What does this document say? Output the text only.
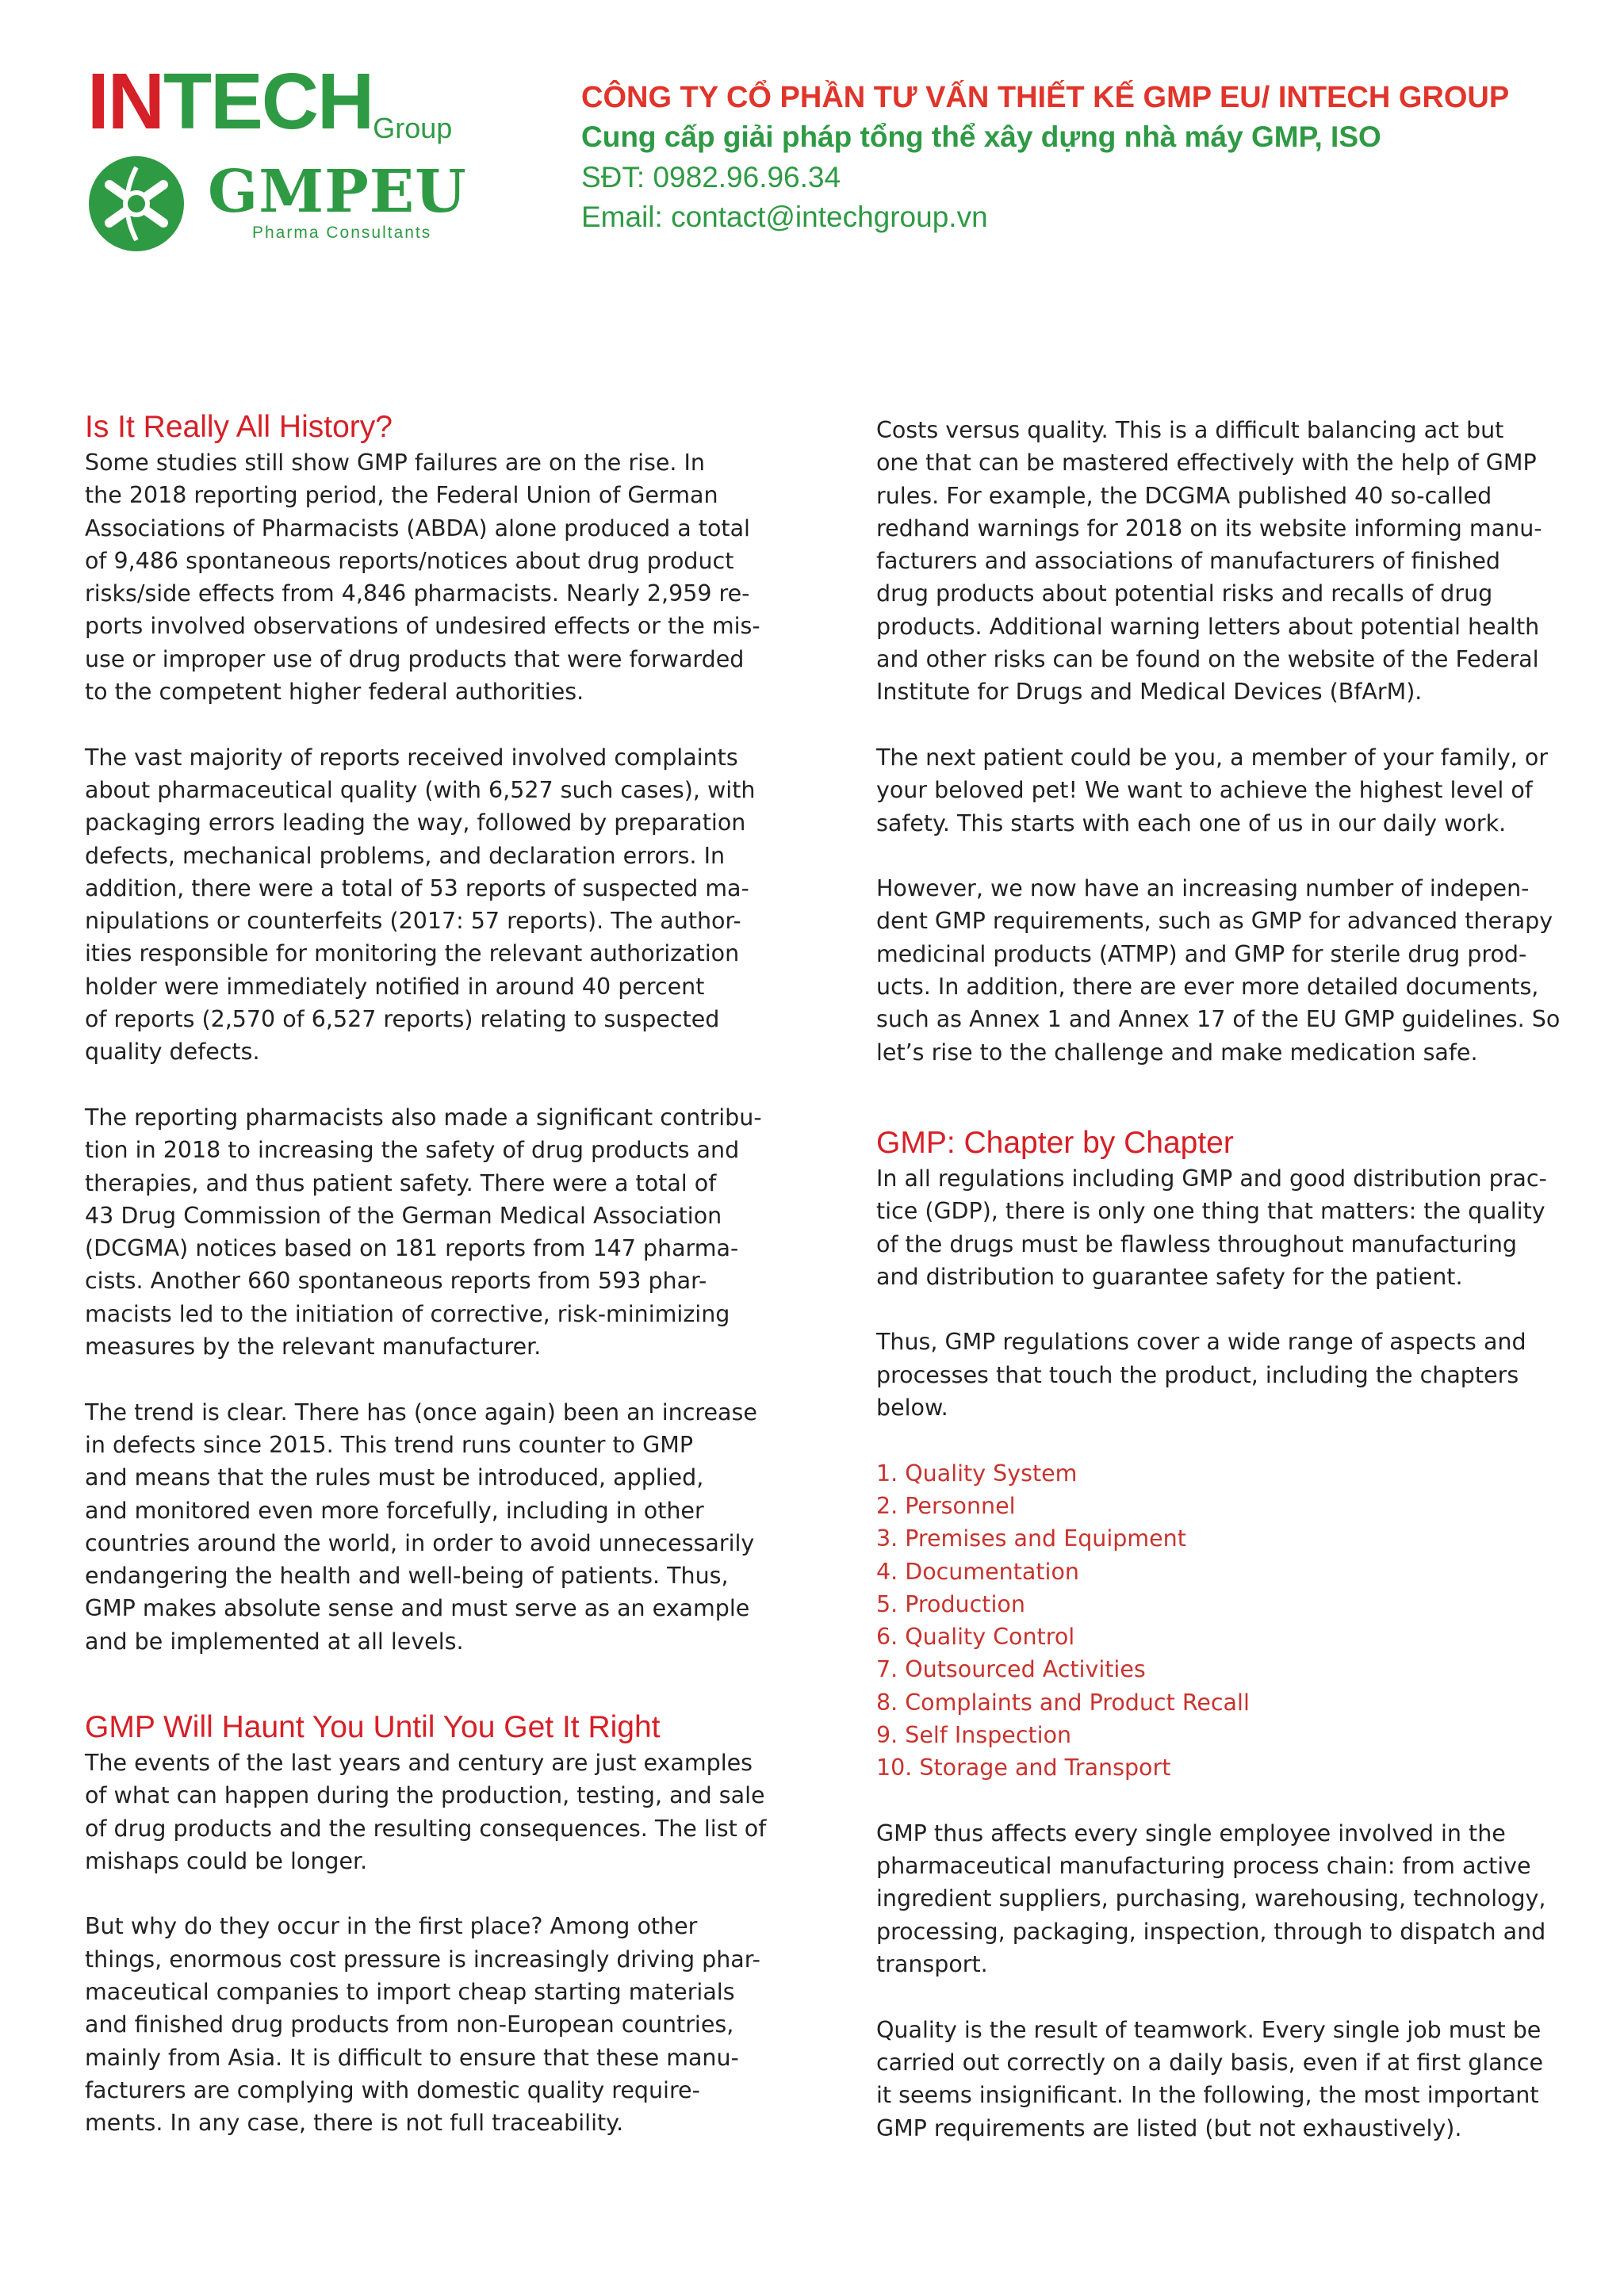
INTECHGroup
GMPEU
Pharma Consultants
CÔNG TY CỔ PHẦN TƯ VẤN THIẾT KẾ GMP EU/ INTECH GROUP
Cung cấp giải pháp tổng thể xây dựng nhà máy GMP, ISO
SĐT: 0982.96.96.34
Email: contact@intechgroup.vn
Is It Really All History?

Some studies still show GMP failures are on the rise. In

the 2018 reporting period, the Federal Union of German

Associations of Pharmacists (ABDA) alone produced a total

of 9,486 spontaneous reports/notices about drug product

risks/side effects from 4,846 pharmacists. Nearly 2,959 re-

ports involved observations of undesired effects or the mis-

use or improper use of drug products that were forwarded

to the competent higher federal authorities.

The vast majority of reports received involved complaints

about pharmaceutical quality (with 6,527 such cases), with

packaging errors leading the way, followed by preparation

defects, mechanical problems, and declaration errors. In

addition, there were a total of 53 reports of suspected ma-

nipulations or counterfeits (2017: 57 reports). The author-

ities responsible for monitoring the relevant authorization

holder were immediately notified in around 40 percent

of reports (2,570 of 6,527 reports) relating to suspected

quality defects.

The reporting pharmacists also made a significant contribu-

tion in 2018 to increasing the safety of drug products and

therapies, and thus patient safety. There were a total of

43 Drug Commission of the German Medical Association

(DCGMA) notices based on 181 reports from 147 pharma-

cists. Another 660 spontaneous reports from 593 phar-

macists led to the initiation of corrective, risk-minimizing

measures by the relevant manufacturer.

The trend is clear. There has (once again) been an increase

in defects since 2015. This trend runs counter to GMP

and means that the rules must be introduced, applied,

and monitored even more forcefully, including in other

countries around the world, in order to avoid unnecessarily

endangering the health and well-being of patients. Thus,

GMP makes absolute sense and must serve as an example

and be implemented at all levels.

GMP Will Haunt You Until You Get It Right

The events of the last years and century are just examples

of what can happen during the production, testing, and sale

of drug products and the resulting consequences. The list of

mishaps could be longer.

But why do they occur in the first place? Among other

things, enormous cost pressure is increasingly driving phar-

maceutical companies to import cheap starting materials

and finished drug products from non-European countries,

mainly from Asia. It is difficult to ensure that these manu-

facturers are complying with domestic quality require-

ments. In any case, there is not full traceability.

Costs versus quality. This is a difficult balancing act but

one that can be mastered effectively with the help of GMP

rules. For example, the DCGMA published 40 so-called

redhand warnings for 2018 on its website informing manu-

facturers and associations of manufacturers of finished

drug products about potential risks and recalls of drug

products. Additional warning letters about potential health

and other risks can be found on the website of the Federal

Institute for Drugs and Medical Devices (BfArM).

The next patient could be you, a member of your family, or

your beloved pet! We want to achieve the highest level of

safety. This starts with each one of us in our daily work.

However, we now have an increasing number of indepen-

dent GMP requirements, such as GMP for advanced therapy

medicinal products (ATMP) and GMP for sterile drug prod-

ucts. In addition, there are ever more detailed documents,

such as Annex 1 and Annex 17 of the EU GMP guidelines. So

let’s rise to the challenge and make medication safe.

GMP: Chapter by Chapter

In all regulations including GMP and good distribution prac-

tice (GDP), there is only one thing that matters: the quality

of the drugs must be flawless throughout manufacturing

and distribution to guarantee safety for the patient.

Thus, GMP regulations cover a wide range of aspects and

processes that touch the product, including the chapters

below.

1. Quality System
2. Personnel
3. Premises and Equipment
4. Documentation
5. Production
6. Quality Control
7. Outsourced Activities
8. Complaints and Product Recall
9. Self Inspection
10. Storage and Transport

GMP thus affects every single employee involved in the

pharmaceutical manufacturing process chain: from active

ingredient suppliers, purchasing, warehousing, technology,

processing, packaging, inspection, through to dispatch and

transport.

Quality is the result of teamwork. Every single job must be

carried out correctly on a daily basis, even if at first glance

it seems insignificant. In the following, the most important

GMP requirements are listed (but not exhaustively).
